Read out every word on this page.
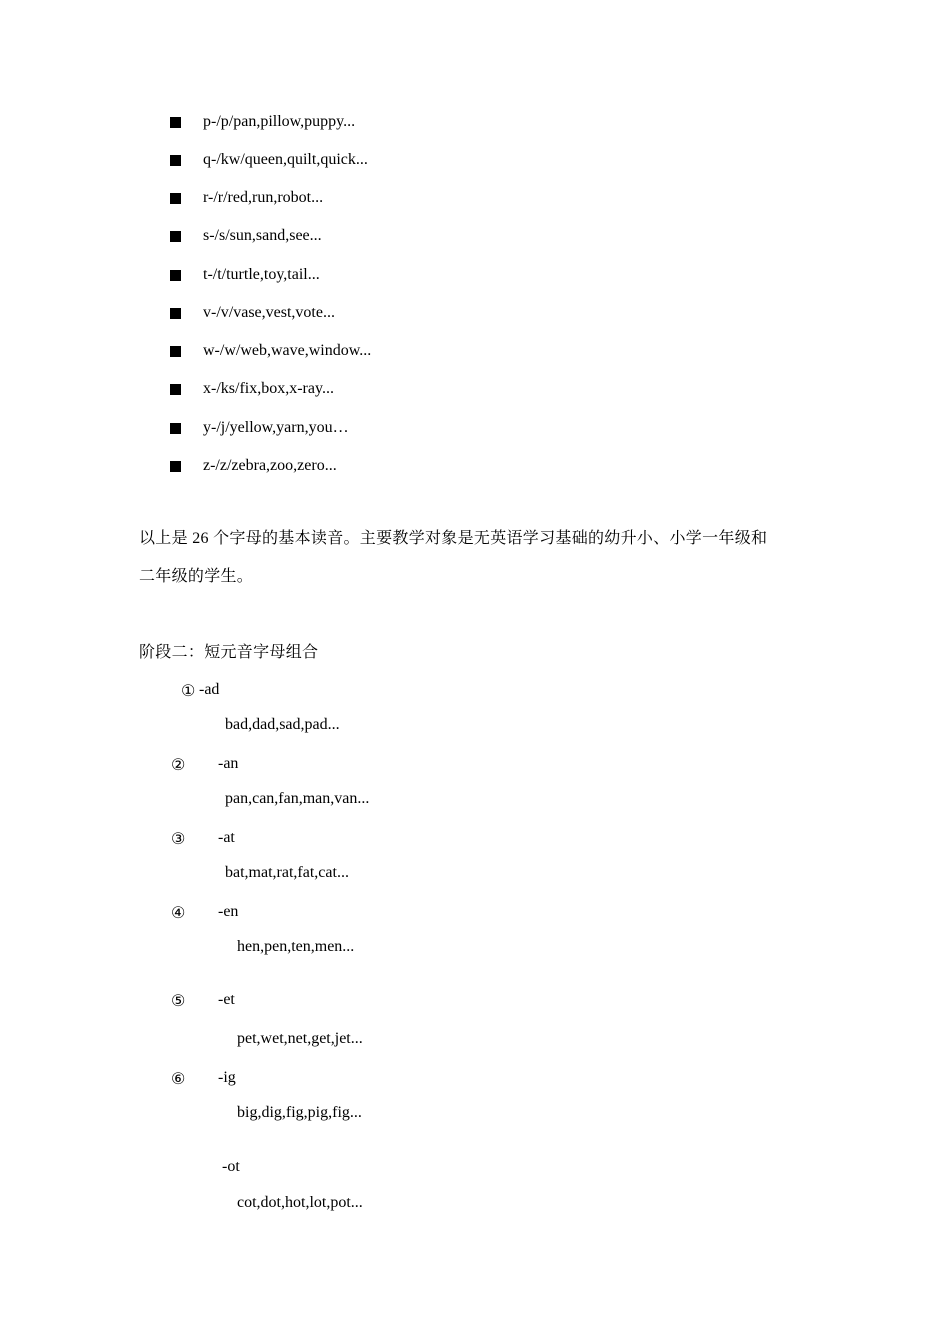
p-/p/pan,pillow,puppy...
q-/kw/queen,quilt,quick...
r-/r/red,run,robot...
s-/s/sun,sand,see...
t-/t/turtle,toy,tail...
v-/v/vase,vest,vote...
w-/w/web,wave,window...
x-/ks/fix,box,x-ray...
y-/j/yellow,yarn,you…
z-/z/zebra,zoo,zero...
以上是 26 个字母的基本读音。主要教学对象是无英语学习基础的幼升小、小学一年级和
二年级的学生。
阶段二：短元音字母组合
① -ad
bad,dad,sad,pad...
② -an
pan,can,fan,man,van...
③ -at
bat,mat,rat,fat,cat...
④ -en
hen,pen,ten,men...
⑤ -et
pet,wet,net,get,jet...
⑥ -ig
big,dig,fig,pig,fig...
-ot
cot,dot,hot,lot,pot...
